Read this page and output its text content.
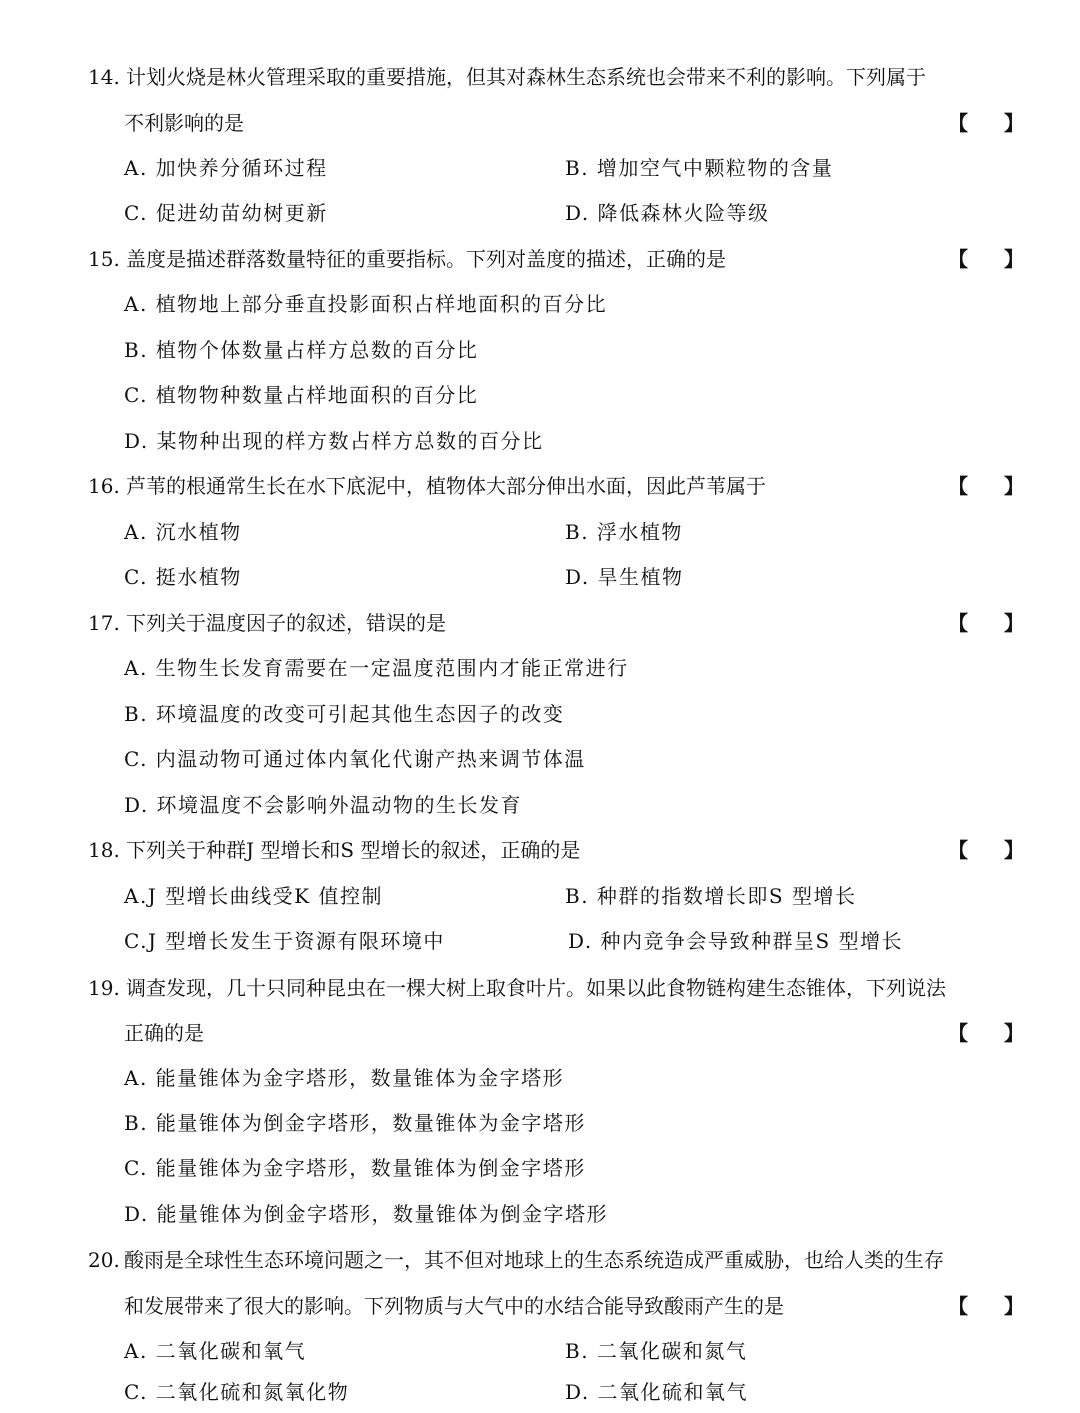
14. 计划火烧是林火管理采取的重要措施，但其对森林生态系统也会带来不利的影响。下列属于
不利影响的是	【 】
A. 加快养分循环过程	B. 增加空气中颗粒物的含量
C. 促进幼苗幼树更新	D. 降低森林火险等级
15. 盖度是描述群落数量特征的重要指标。下列对盖度的描述，正确的是	【 】
A. 植物地上部分垂直投影面积占样地面积的百分比
B. 植物个体数量占样方总数的百分比
C. 植物物种数量占样地面积的百分比
D. 某物种出现的样方数占样方总数的百分比
16. 芦苇的根通常生长在水下底泥中，植物体大部分伸出水面，因此芦苇属于	【 】
A. 沉水植物	B. 浮水植物
C. 挺水植物	D. 旱生植物
17. 下列关于温度因子的叙述，错误的是	【 】
A. 生物生长发育需要在一定温度范围内才能正常进行
B. 环境温度的改变可引起其他生态因子的改变
C. 内温动物可通过体内氧化代谢产热来调节体温
D. 环境温度不会影响外温动物的生长发育
18. 下列关于种群J 型增长和S 型增长的叙述，正确的是	【 】
A.J 型增长曲线受K 值控制	B. 种群的指数增长即S 型增长
C.J 型增长发生于资源有限环境中	D. 种内竞争会导致种群呈S 型增长
19. 调查发现，几十只同种昆虫在一棵大树上取食叶片。如果以此食物链构建生态锥体，下列说法
正确的是	【 】
A. 能量锥体为金字塔形，数量锥体为金字塔形
B. 能量锥体为倒金字塔形，数量锥体为金字塔形
C. 能量锥体为金字塔形，数量锥体为倒金字塔形
D. 能量锥体为倒金字塔形，数量锥体为倒金字塔形
20. 酸雨是全球性生态环境问题之一，其不但对地球上的生态系统造成严重威胁，也给人类的生存
和发展带来了很大的影响。下列物质与大气中的水结合能导致酸雨产生的是	【 】
A. 二氧化碳和氧气	B. 二氧化碳和氮气
C. 二氧化硫和氮氧化物	D. 二氧化硫和氧气
